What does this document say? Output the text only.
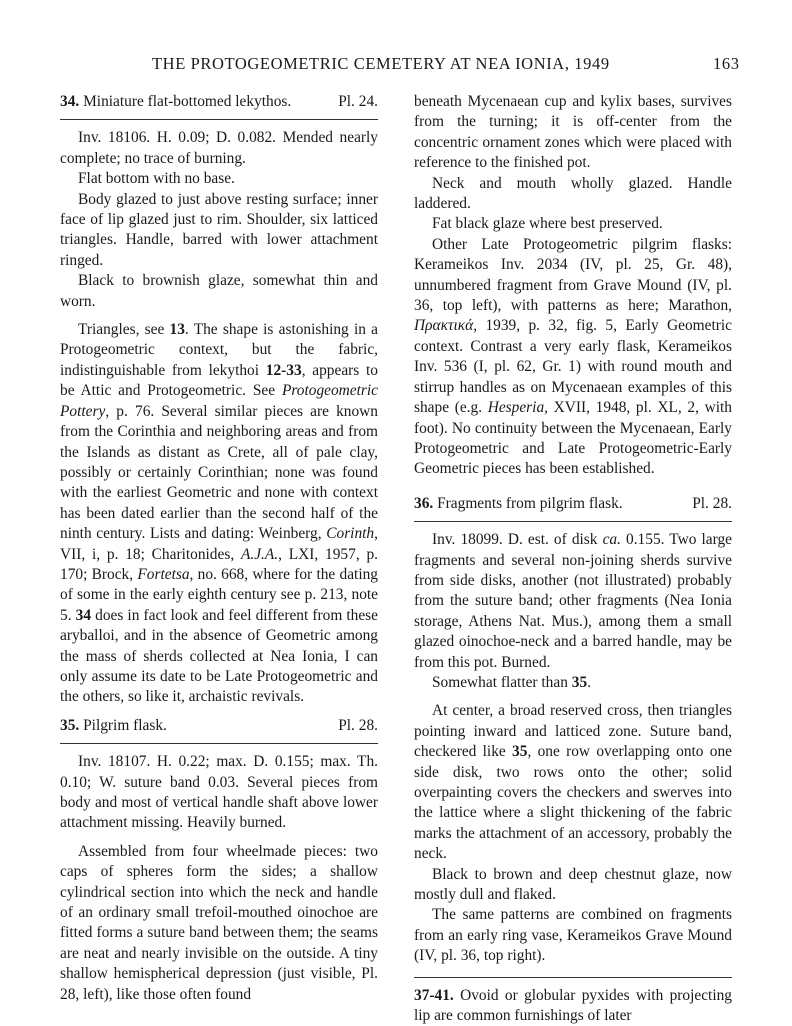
THE PROTOGEOMETRIC CEMETERY AT NEA IONIA, 1949	163
34. Miniature flat-bottomed lekythos.	Pl. 24.

Inv. 18106. H. 0.09; D. 0.082. Mended nearly complete; no trace of burning.

Flat bottom with no base.

Body glazed to just above resting surface; inner face of lip glazed just to rim. Shoulder, six latticed triangles. Handle, barred with lower attachment ringed.

Black to brownish glaze, somewhat thin and worn.

Triangles, see 13. The shape is astonishing in a Protogeometric context, but the fabric, indistinguishable from lekythoi 12-33, appears to be Attic and Protogeometric. See Protogeometric Pottery, p. 76. Several similar pieces are known from the Corinthia and neighboring areas and from the Islands as distant as Crete, all of pale clay, possibly or certainly Corinthian; none was found with the earliest Geometric and none with context has been dated earlier than the second half of the ninth century. Lists and dating: Weinberg, Corinth, VII, i, p. 18; Charitonides, A.J.A., LXI, 1957, p. 170; Brock, Fortetsa, no. 668, where for the dating of some in the early eighth century see p. 213, note 5. 34 does in fact look and feel different from these aryballoi, and in the absence of Geometric among the mass of sherds collected at Nea Ionia, I can only assume its date to be Late Protogeometric and the others, so like it, archaistic revivals.

35. Pilgrim flask.	Pl. 28.

Inv. 18107. H. 0.22; max. D. 0.155; max. Th. 0.10; W. suture band 0.03. Several pieces from body and most of vertical handle shaft above lower attachment missing. Heavily burned.

Assembled from four wheelmade pieces: two caps of spheres form the sides; a shallow cylindrical section into which the neck and handle of an ordinary small trefoil-mouthed oinochoe are fitted forms a suture band between them; the seams are neat and nearly invisible on the outside. A tiny shallow hemispherical depression (just visible, Pl. 28, left), like those often found

beneath Mycenaean cup and kylix bases, survives from the turning; it is off-center from the concentric ornament zones which were placed with reference to the finished pot.

Neck and mouth wholly glazed. Handle laddered.

Fat black glaze where best preserved.

Other Late Protogeometric pilgrim flasks: Kerameikos Inv. 2034 (IV, pl. 25, Gr. 48), unnumbered fragment from Grave Mound (IV, pl. 36, top left), with patterns as here; Marathon, Πρακτικά, 1939, p. 32, fig. 5, Early Geometric context. Contrast a very early flask, Kerameikos Inv. 536 (I, pl. 62, Gr. 1) with round mouth and stirrup handles as on Mycenaean examples of this shape (e.g. Hesperia, XVII, 1948, pl. XL, 2, with foot). No continuity between the Mycenaean, Early Protogeometric and Late Protogeometric-Early Geometric pieces has been established.

36. Fragments from pilgrim flask.	Pl. 28.

Inv. 18099. D. est. of disk ca. 0.155. Two large fragments and several non-joining sherds survive from side disks, another (not illustrated) probably from the suture band; other fragments (Nea Ionia storage, Athens Nat. Mus.), among them a small glazed oinochoe-neck and a barred handle, may be from this pot. Burned.

Somewhat flatter than 35.

At center, a broad reserved cross, then triangles pointing inward and latticed zone. Suture band, checkered like 35, one row overlapping onto one side disk, two rows onto the other; solid overpainting covers the checkers and swerves into the lattice where a slight thickening of the fabric marks the attachment of an accessory, probably the neck.

Black to brown and deep chestnut glaze, now mostly dull and flaked.

The same patterns are combined on fragments from an early ring vase, Kerameikos Grave Mound (IV, pl. 36, top right).

37-41. Ovoid or globular pyxides with projecting lip are common furnishings of later
